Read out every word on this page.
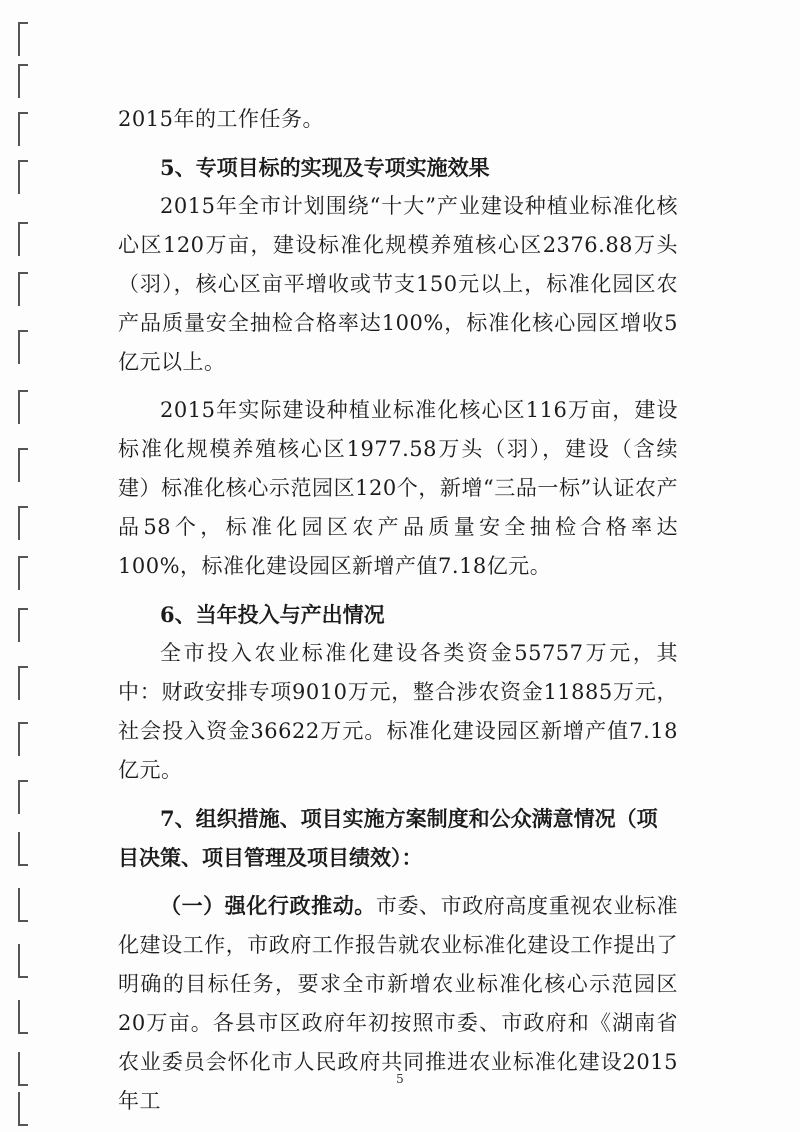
2015年的工作任务。

5、专项目标的实现及专项实施效果

2015年全市计划围绕“十大”产业建设种植业标准化核心区120万亩，建设标准化规模养殖核心区2376.88万头（羽），核心区亩平增收或节支150元以上，标准化园区农产品质量安全抽检合格率达100%，标准化核心园区增收5亿元以上。

2015年实际建设种植业标准化核心区116万亩，建设标准化规模养殖核心区1977.58万头（羽），建设（含续建）标准化核心示范园区120个，新增“三品一标”认证农产品58个，标准化园区农产品质量安全抽检合格率达100%，标准化建设园区新增产值7.18亿元。

6、当年投入与产出情况

全市投入农业标准化建设各类资金55757万元，其中：财政安排专项9010万元，整合涉农资金11885万元，社会投入资金36622万元。标准化建设园区新增产值7.18亿元。

7、组织措施、项目实施方案制度和公众满意情况（项目决策、项目管理及项目绩效）：

（一）强化行政推动。市委、市政府高度重视农业标准化建设工作，市政府工作报告就农业标准化建设工作提出了明确的目标任务，要求全市新增农业标准化核心示范园区20万亩。各县市区政府年初按照市委、市政府和《湖南省农业委员会怀化市人民政府共同推进农业标准化建设2015年工

5
